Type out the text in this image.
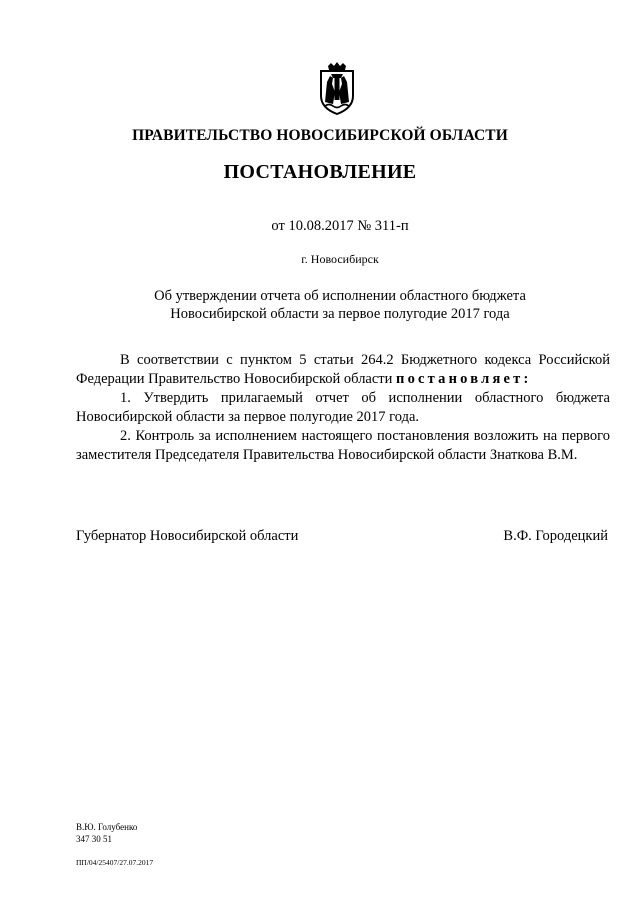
ПРАВИТЕЛЬСТВО НОВОСИБИРСКОЙ ОБЛАСТИ
ПОСТАНОВЛЕНИЕ
от 10.08.2017 № 311-п
г. Новосибирск
Об утверждении отчета об исполнении областного бюджета
Новосибирской области за первое полугодие 2017 года

В соответствии с пунктом 5 статьи 264.2 Бюджетного кодекса Российской Федерации Правительство Новосибирской области постановляет:

1. Утвердить прилагаемый отчет об исполнении областного бюджета Новосибирской области за первое полугодие 2017 года.

2. Контроль за исполнением настоящего постановления возложить на первого заместителя Председателя Правительства Новосибирской области Знаткова В.М.

Губернатор Новосибирской области	В.Ф. Городецкий
В.Ю. Голубенко
347 30 51
ПП/04/25407/27.07.2017
